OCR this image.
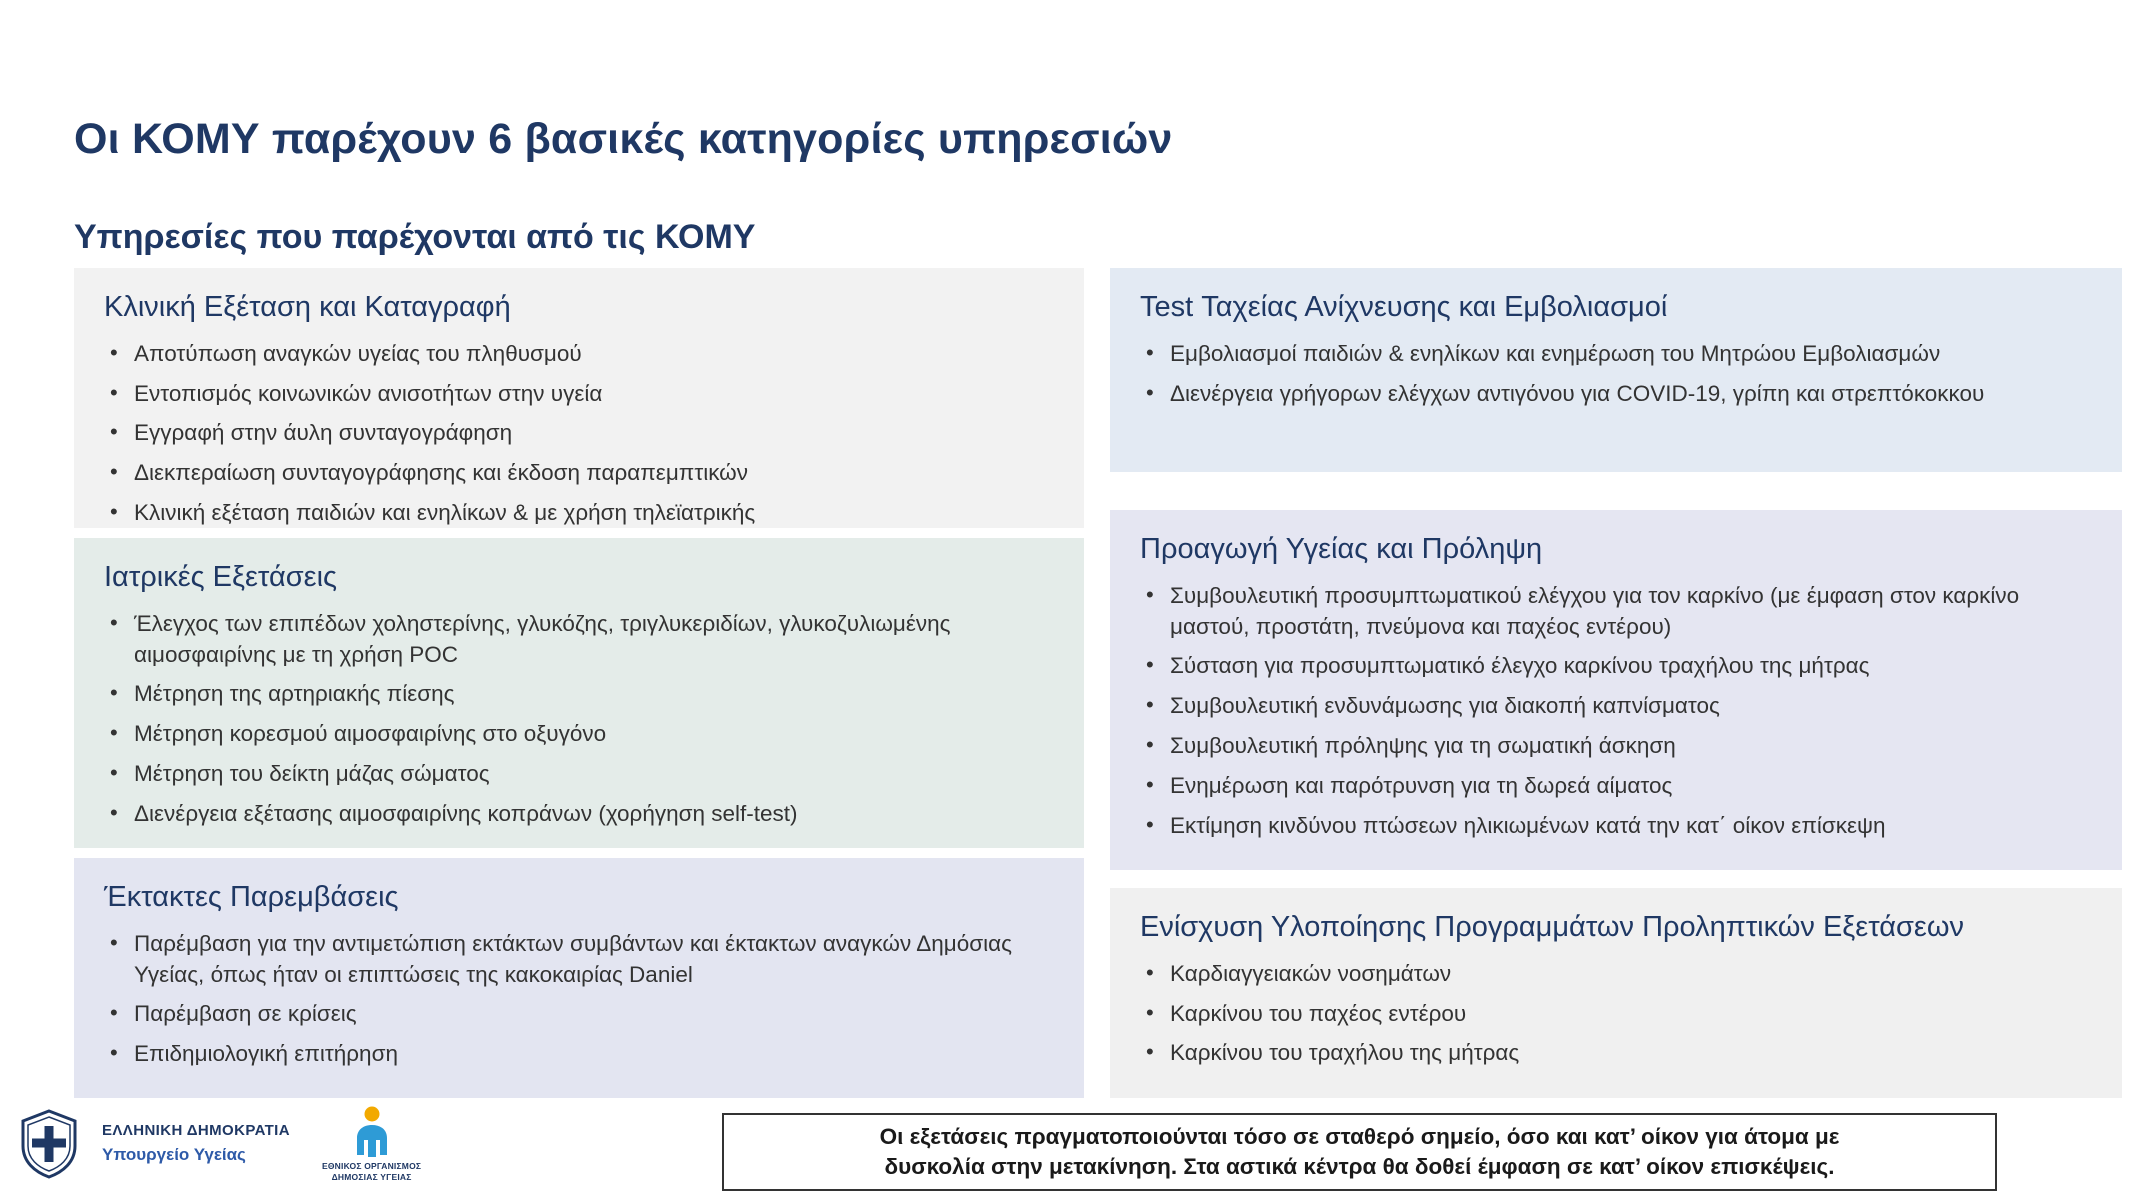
Οι ΚΟΜΥ παρέχουν 6 βασικές κατηγορίες υπηρεσιών
Υπηρεσίες που παρέχονται από τις ΚΟΜΥ
Κλινική Εξέταση και Καταγραφή
• Αποτύπωση αναγκών υγείας του πληθυσμού
• Εντοπισμός κοινωνικών ανισοτήτων στην υγεία
• Εγγραφή στην άυλη συνταγογράφηση
• Διεκπεραίωση συνταγογράφησης και έκδοση παραπεμπτικών
• Κλινική εξέταση παιδιών και ενηλίκων & με χρήση τηλεϊατρικής
Ιατρικές Εξετάσεις
• Έλεγχος των επιπέδων χοληστερίνης, γλυκόζης, τριγλυκεριδίων, γλυκοζυλιωμένης αιμοσφαιρίνης με τη χρήση POC
• Μέτρηση της αρτηριακής πίεσης
• Μέτρηση κορεσμού αιμοσφαιρίνης στο οξυγόνο
• Μέτρηση του δείκτη μάζας σώματος
• Διενέργεια εξέτασης αιμοσφαιρίνης κοπράνων (χορήγηση self-test)
Έκτακτες Παρεμβάσεις
• Παρέμβαση για την αντιμετώπιση εκτάκτων συμβάντων και έκτακτων αναγκών Δημόσιας Υγείας, όπως ήταν οι επιπτώσεις της κακοκαιρίας Daniel
• Παρέμβαση σε κρίσεις
• Επιδημιολογική επιτήρηση
Test Ταχείας Ανίχνευσης και Εμβολιασμοί
• Εμβολιασμοί παιδιών & ενηλίκων και ενημέρωση του Μητρώου Εμβολιασμών
• Διενέργεια γρήγορων ελέγχων αντιγόνου για COVID-19, γρίπη και στρεπτόκοκκου
Προαγωγή Υγείας και Πρόληψη
• Συμβουλευτική προσυμπτωματικού ελέγχου για τον καρκίνο (με έμφαση στον καρκίνο μαστού, προστάτη, πνεύμονα και παχέος εντέρου)
• Σύσταση για προσυμπτωματικό έλεγχο καρκίνου τραχήλου της μήτρας
• Συμβουλευτική ενδυνάμωσης για διακοπή καπνίσματος
• Συμβουλευτική πρόληψης για τη σωματική άσκηση
• Ενημέρωση και παρότρυνση για τη δωρεά αίματος
• Εκτίμηση κινδύνου πτώσεων ηλικιωμένων κατά την κατ΄ οίκον επίσκεψη
Ενίσχυση Υλοποίησης Προγραμμάτων Προληπτικών Εξετάσεων
• Καρδιαγγειακών νοσημάτων
• Καρκίνου του παχέος εντέρου
• Καρκίνου του τραχήλου της μήτρας
Οι εξετάσεις πραγματοποιούνται τόσο σε σταθερό σημείο, όσο και κατ’ οίκον για άτομα με
δυσκολία στην μετακίνηση. Στα αστικά κέντρα θα δοθεί έμφαση σε κατ’ οίκον επισκέψεις.
ΕΛΛΗΝΙΚΗ ΔΗΜΟΚΡΑΤΙΑ
Υπουργείο Υγείας
ΕΘΝΙΚΟΣ ΟΡΓΑΝΙΣΜΟΣ
ΔΗΜΟΣΙΑΣ ΥΓΕΙΑΣ
